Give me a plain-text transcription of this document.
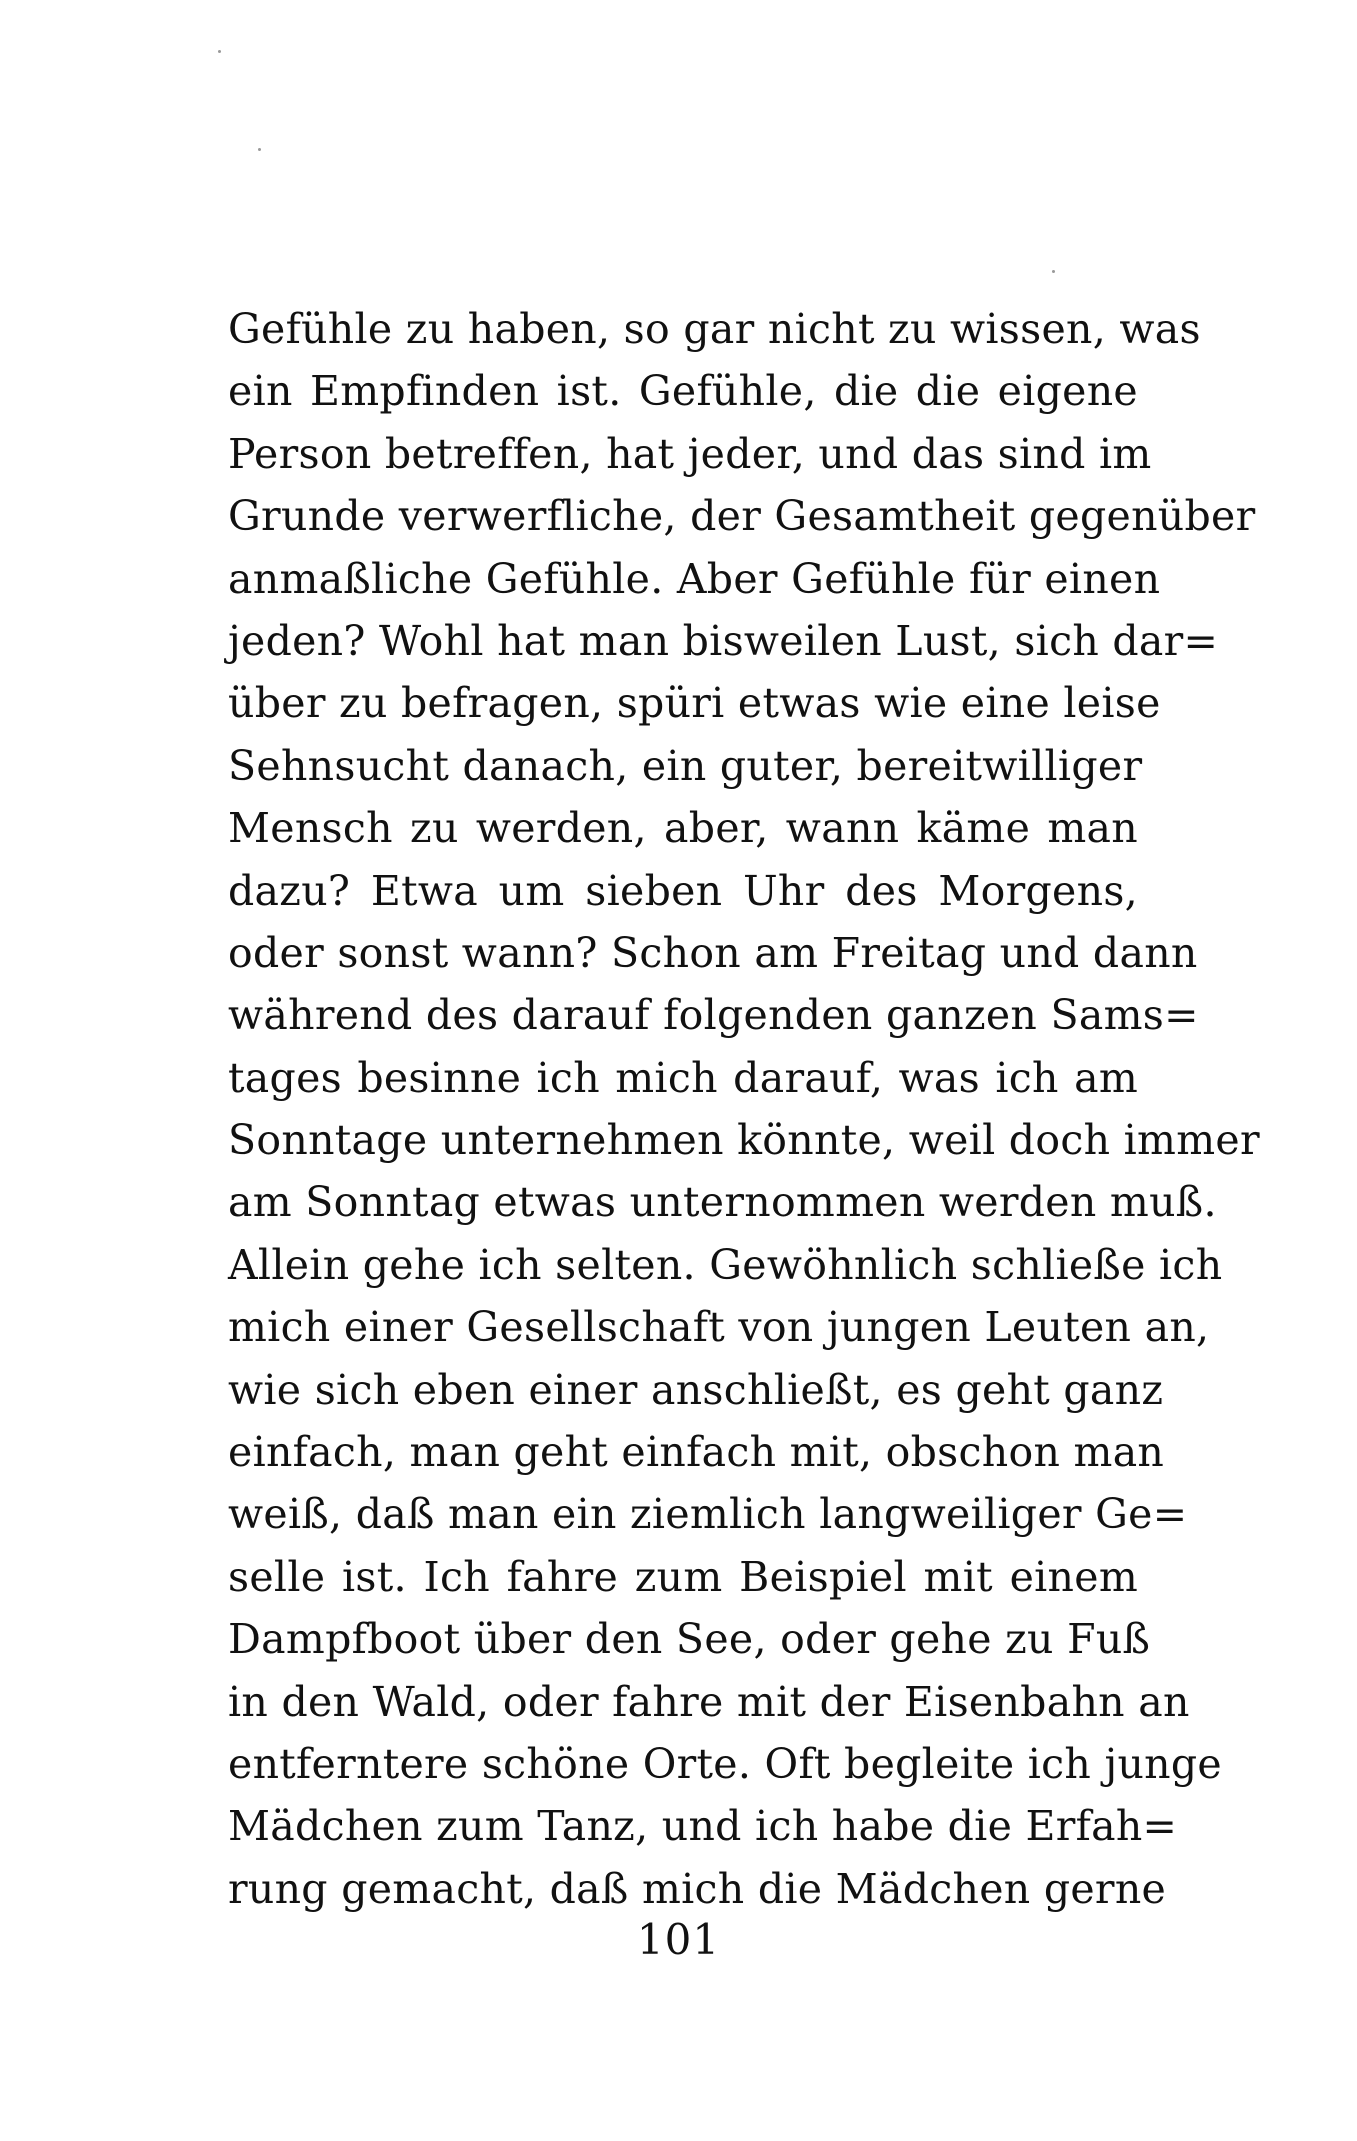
Gefühle zu haben, so gar nicht zu wissen, was
ein Empfinden ist. Gefühle, die die eigene
Person betreffen, hat jeder, und das sind im
Grunde verwerfliche, der Gesamtheit gegenüber
anmaßliche Gefühle. Aber Gefühle für einen
jeden? Wohl hat man bisweilen Lust, sich dar=
über zu befragen, spüri etwas wie eine leise
Sehnsucht danach, ein guter, bereitwilliger
Mensch zu werden, aber, wann käme man
dazu? Etwa um sieben Uhr des Morgens,
oder sonst wann? Schon am Freitag und dann
während des darauf folgenden ganzen Sams=
tages besinne ich mich darauf, was ich am
Sonntage unternehmen könnte, weil doch immer
am Sonntag etwas unternommen werden muß.
Allein gehe ich selten. Gewöhnlich schließe ich
mich einer Gesellschaft von jungen Leuten an,
wie sich eben einer anschließt, es geht ganz
einfach, man geht einfach mit, obschon man
weiß, daß man ein ziemlich langweiliger Ge=
selle ist. Ich fahre zum Beispiel mit einem
Dampfboot über den See, oder gehe zu Fuß
in den Wald, oder fahre mit der Eisenbahn an
entferntere schöne Orte. Oft begleite ich junge
Mädchen zum Tanz, und ich habe die Erfah=
rung gemacht, daß mich die Mädchen gerne
101
